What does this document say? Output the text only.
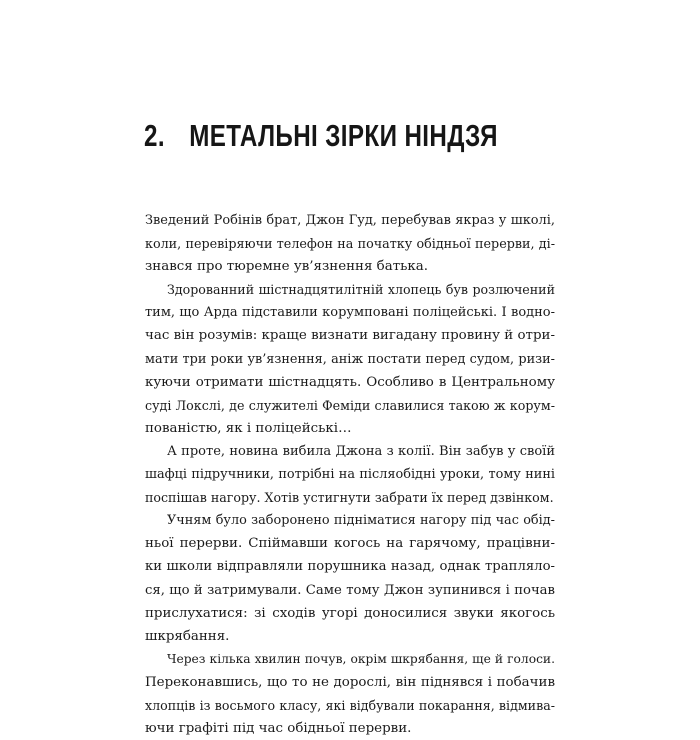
2. МЕТАЛЬНІ ЗІРКИ НІНДЗЯ
Зведений Робінів брат, Джон Гуд, перебував якраз у школі,
коли, перевіряючи телефон на початку обідньої перерви, ді-
знався про тюремне ув’язнення батька.
Здорованний шістнадцятилітній хлопець був розлючений
тим, що Арда підставили корумповані поліцейські. І водно-
час він розумів: краще визнати вигадану провину й отри-
мати три роки ув’язнення, аніж постати перед судом, ризи-
куючи отримати шістнадцять. Особливо в Центральному
суді Локслі, де служителі Феміди славилися такою ж корум-
пованістю, як і поліцейські…
А проте, новина вибила Джона з колії. Він забув у своїй
шафці підручники, потрібні на післяобідні уроки, тому нині
поспішав нагору. Хотів устигнути забрати їх перед дзвінком.
Учням було заборонено підніматися нагору під час обід-
ньої перерви. Спіймавши когось на гарячому, працівни-
ки школи відправляли порушника назад, однак траплялo-
ся, що й затримували. Саме тому Джон зупинився і почав
прислухатися: зі сходів угорі доносилися звуки якогось
шкрябання.
Через кілька хвилин почув, окрім шкрябання, ще й голоси.
Переконавшись, що то не дорослі, він піднявся і побачив
хлопців із восьмого класу, які відбували покарання, відмива-
ючи графіті під час обідньої перерви.
